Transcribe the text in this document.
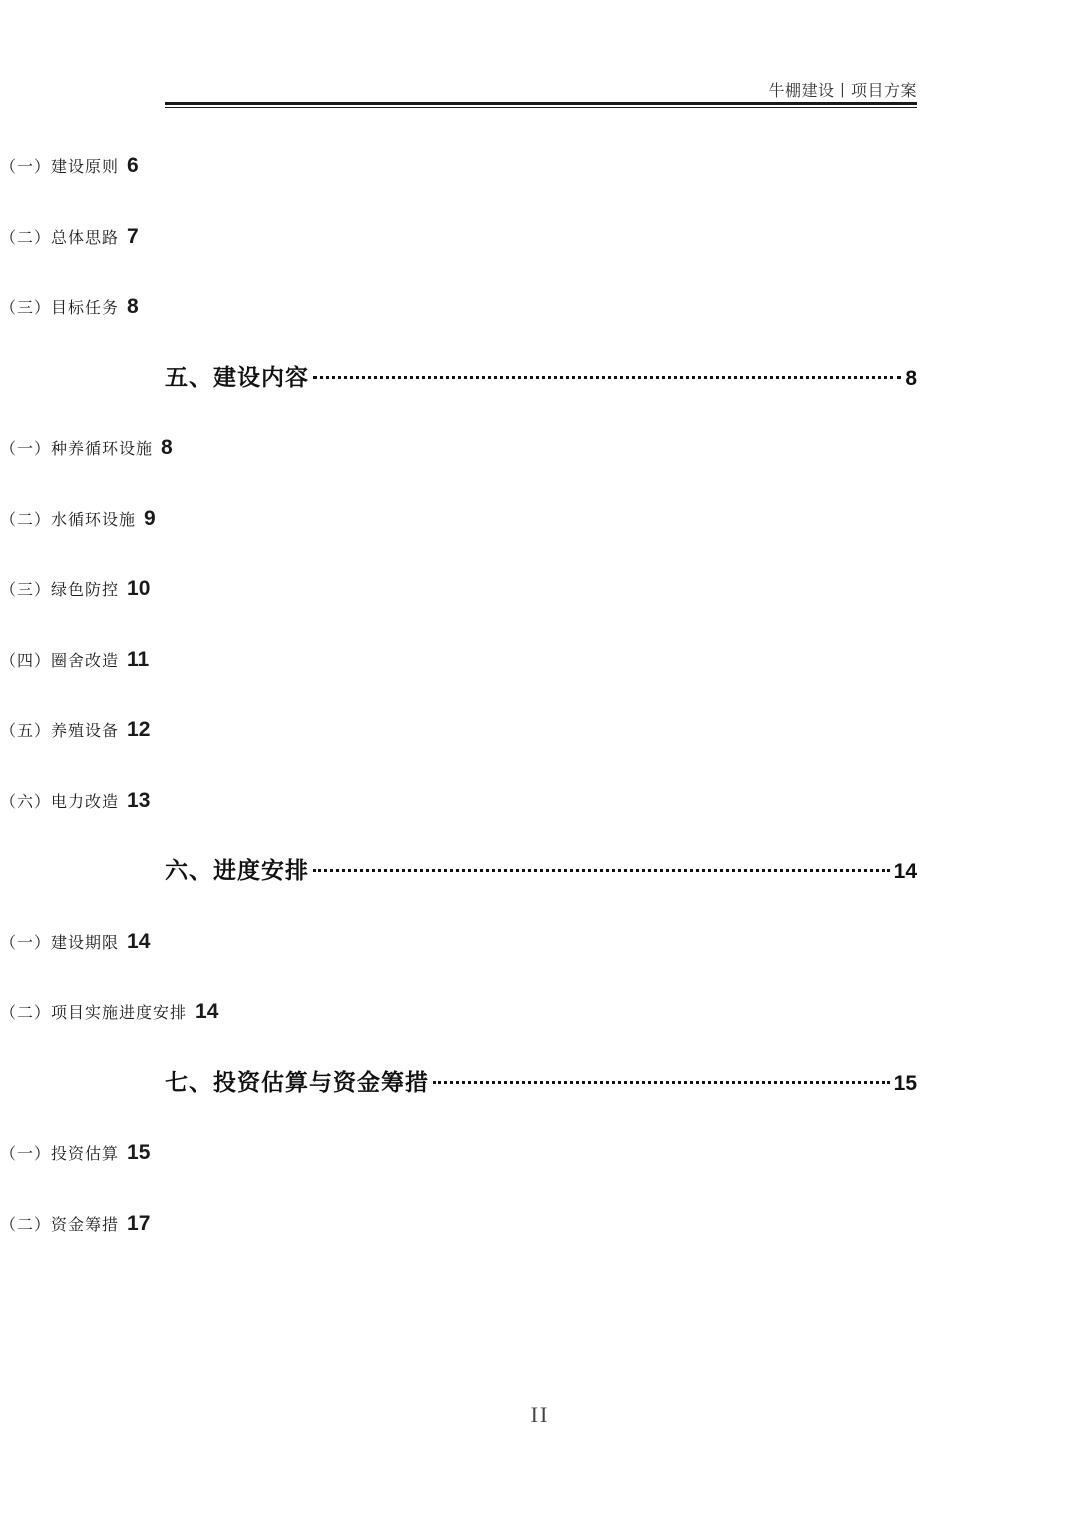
牛棚建设丨项目方案
（一）建设原则 6
（二）总体思路 7
（三）目标任务 8
五、建设内容	8
（一）种养循环设施 8
（二）水循环设施 9
（三）绿色防控 10
（四）圈舍改造 11
（五）养殖设备 12
（六）电力改造 13
六、进度安排	14
（一）建设期限 14
（二）项目实施进度安排 14
七、投资估算与资金筹措	15
（一）投资估算 15
（二）资金筹措 17
II
